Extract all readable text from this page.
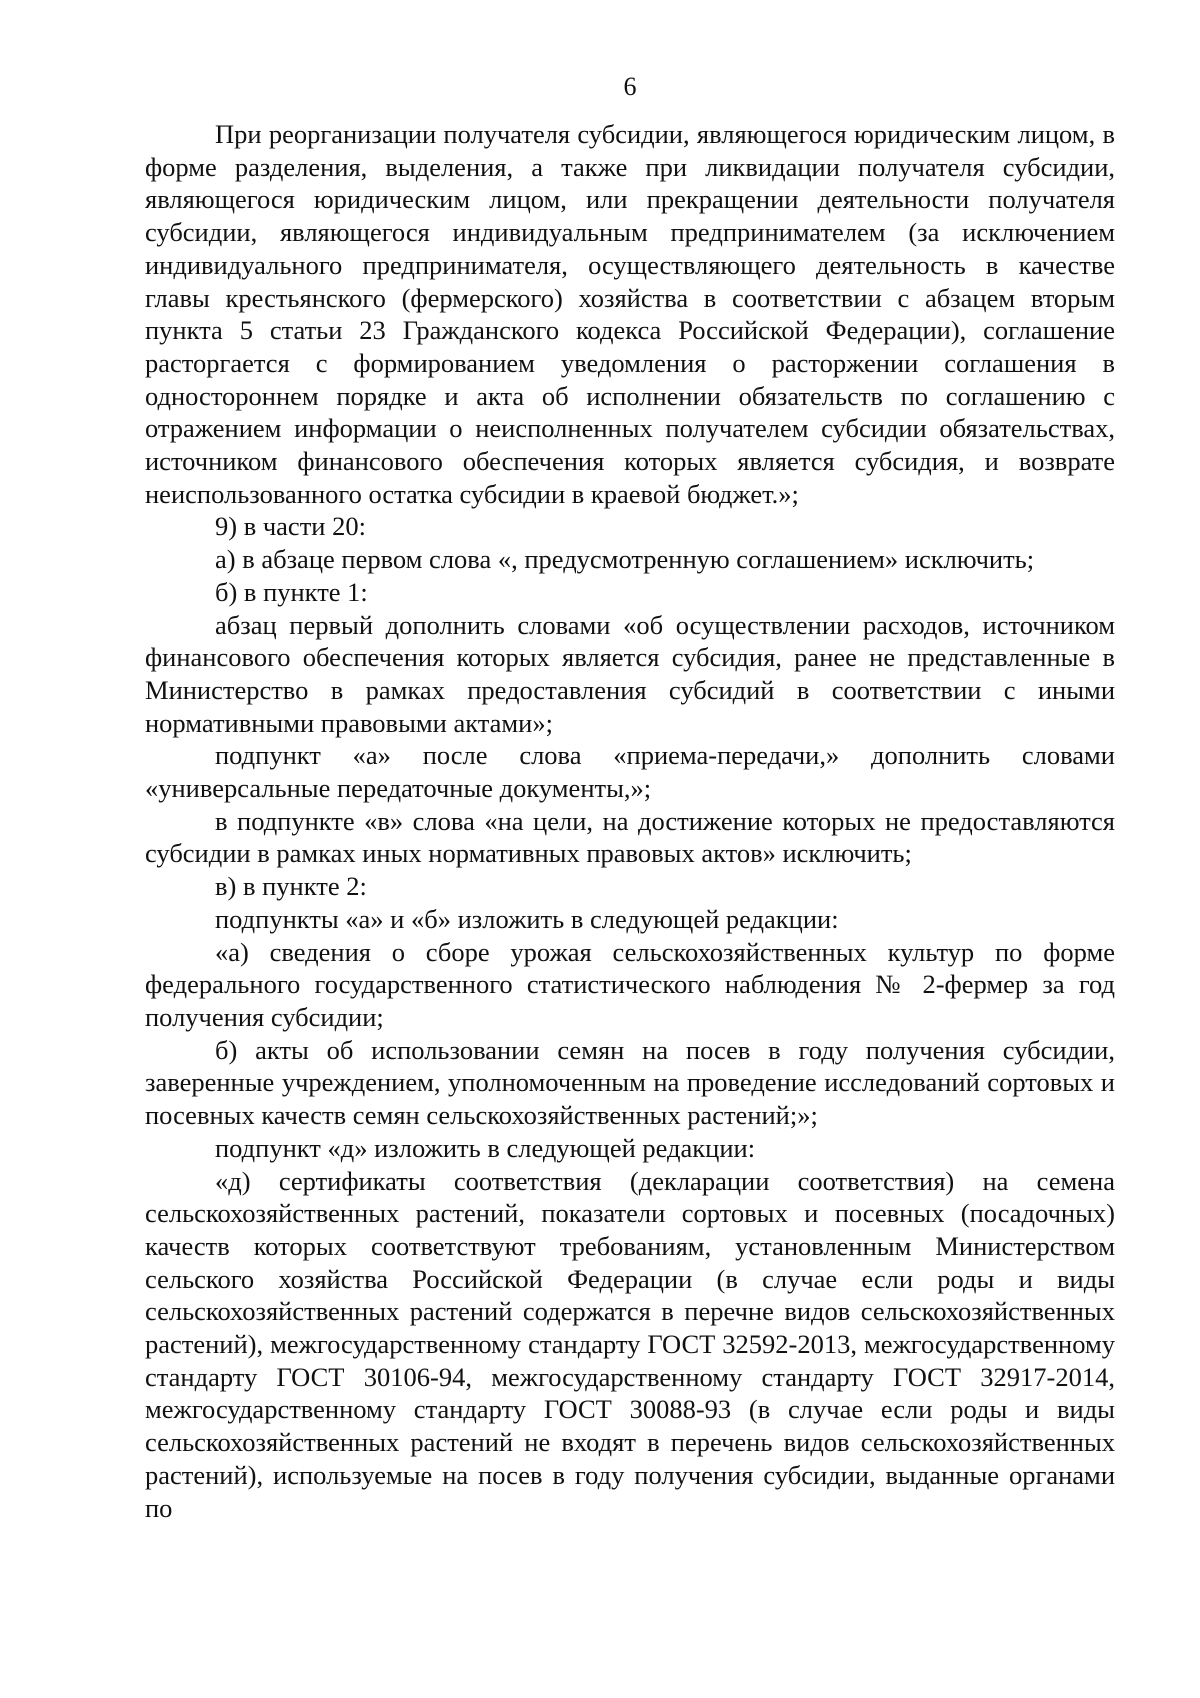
6

При реорганизации получателя субсидии, являющегося юридическим лицом, в форме разделения, выделения, а также при ликвидации получателя субсидии, являющегося юридическим лицом, или прекращении деятельности получателя субсидии, являющегося индивидуальным предпринимателем (за исключением индивидуального предпринимателя, осуществляющего деятельность в качестве главы крестьянского (фермерского) хозяйства в соответствии с абзацем вторым пункта 5 статьи 23 Гражданского кодекса Российской Федерации), соглашение расторгается с формированием уведомления о расторжении соглашения в одностороннем порядке и акта об исполнении обязательств по соглашению с отражением информации о неисполненных получателем субсидии обязательствах, источником финансового обеспечения которых является субсидия, и возврате неиспользованного остатка субсидии в краевой бюджет.»;

9) в части 20:

а) в абзаце первом слова «, предусмотренную соглашением» исключить;

б) в пункте 1:

абзац первый дополнить словами «об осуществлении расходов, источником финансового обеспечения которых является субсидия, ранее не представленные в Министерство в рамках предоставления субсидий в соответствии с иными нормативными правовыми актами»;

подпункт «а» после слова «приема-передачи,» дополнить словами «универсальные передаточные документы,»;

в подпункте «в» слова «на цели, на достижение которых не предоставляются субсидии в рамках иных нормативных правовых актов» исключить;

в) в пункте 2:

подпункты «а» и «б» изложить в следующей редакции:

«а) сведения о сборе урожая сельскохозяйственных культур по форме федерального государственного статистического наблюдения № 2-фермер за год получения субсидии;

б) акты об использовании семян на посев в году получения субсидии, заверенные учреждением, уполномоченным на проведение исследований сортовых и посевных качеств семян сельскохозяйственных растений;»;

подпункт «д» изложить в следующей редакции:

«д) сертификаты соответствия (декларации соответствия) на семена сельскохозяйственных растений, показатели сортовых и посевных (посадочных) качеств которых соответствуют требованиям, установленным Министерством сельского хозяйства Российской Федерации (в случае если роды и виды сельскохозяйственных растений содержатся в перечне видов сельскохозяйственных растений), межгосударственному стандарту ГОСТ 32592-2013, межгосударственному стандарту ГОСТ 30106-94, межгосударственному стандарту ГОСТ 32917-2014, межгосударственному стандарту ГОСТ 30088-93 (в случае если роды и виды сельскохозяйственных растений не входят в перечень видов сельскохозяйственных растений), используемые на посев в году получения субсидии, выданные органами по
